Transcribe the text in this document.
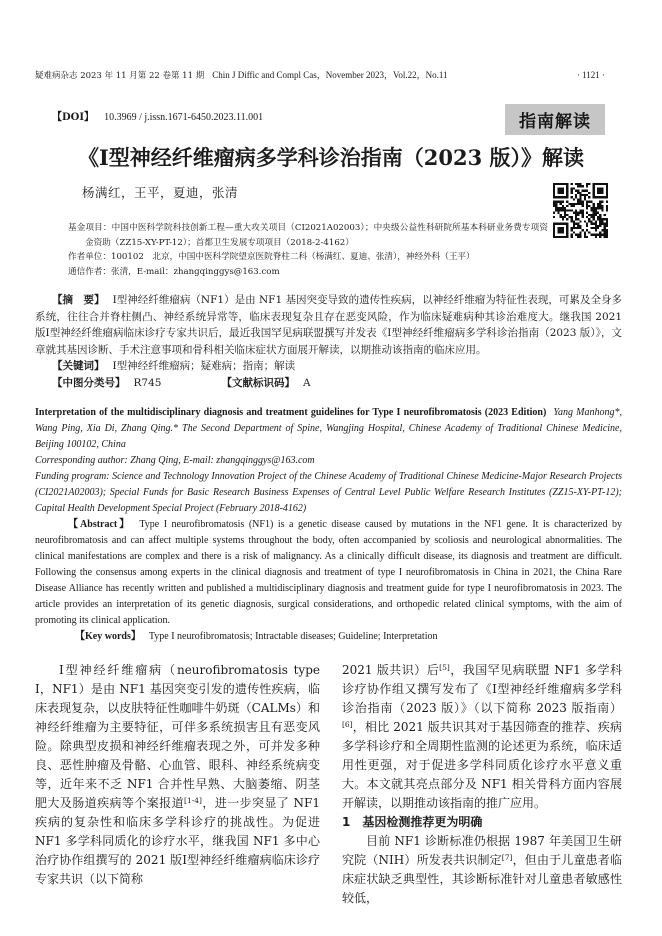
疑难病杂志 2023 年 11 月第 22 卷第 11 期 Chin J Diffic and Compl Cas，November 2023，Vol.22，No.11	· 1121 ·
【DOI】 10.3969 / j.issn.1671-6450.2023.11.001	指南解读
《Ⅰ型神经纤维瘤病多学科诊治指南（2023 版）》解读
杨满红，王平，夏迪，张清
基金项目：中国中医科学院科技创新工程—重大攻关项目（CI2021A02003）；中央级公益性科研院所基本科研业务费专项资金资助（ZZ15-XY-PT-12）；首都卫生发展专项项目（2018-2-4162）
作者单位：100102　北京，中国中医科学院望京医院脊柱二科（杨满红、夏迪、张清），神经外科（王平）
通信作者：张清，E-mail：zhangqinggys@163.com

【摘　要】 Ⅰ型神经纤维瘤病（NF1）是由 NF1 基因突变导致的遗传性疾病，以神经纤维瘤为特征性表现，可累及全身多系统，往往合并脊柱侧凸、神经系统异常等，临床表现复杂且存在恶变风险，作为临床疑难病种其诊治难度大。继我国 2021 版Ⅰ型神经纤维瘤病临床诊疗专家共识后，最近我国罕见病联盟撰写并发表《Ⅰ型神经纤维瘤病多学科诊治指南（2023 版）》，文章就其基因诊断、手术注意事项和骨科相关临床症状方面展开解读，以期推动该指南的临床应用。

【关键词】 Ⅰ型神经纤维瘤病；疑难病；指南；解读

【中图分类号】 R745	【文献标识码】 A

Interpretation of the multidisciplinary diagnosis and treatment guidelines for Type I neurofibromatosis (2023 Edition) Yang Manhong*, Wang Ping, Xia Di, Zhang Qing.* The Second Department of Spine, Wangjing Hospital, Chinese Academy of Traditional Chinese Medicine, Beijing 100102, China

Corresponding author: Zhang Qing, E-mail: zhangqinggys@163.com

Funding program: Science and Technology Innovation Project of the Chinese Academy of Traditional Chinese Medicine-Major Research Projects (CI2021A02003); Special Funds for Basic Research Business Expenses of Central Level Public Welfare Research Institutes (ZZ15-XY-PT-12); Capital Health Development Special Project (February 2018-4162)

【Abstract】 Type I neurofibromatosis (NF1) is a genetic disease caused by mutations in the NF1 gene. It is characterized by neurofibromatosis and can affect multiple systems throughout the body, often accompanied by scoliosis and neurological abnormalities. The clinical manifestations are complex and there is a risk of malignancy. As a clinically difficult disease, its diagnosis and treatment are difficult. Following the consensus among experts in the clinical diagnosis and treatment of type I neurofibromatosis in China in 2021, the China Rare Disease Alliance has recently written and published a multidisciplinary diagnosis and treatment guide for type I neurofibromatosis in 2023. The article provides an interpretation of its genetic diagnosis, surgical considerations, and orthopedic related clinical symptoms, with the aim of promoting its clinical application.

【Key words】 Type I neurofibromatosis; Intractable diseases; Guideline; Interpretation

Ⅰ型神经纤维瘤病（neurofibromatosis type Ⅰ，NF1）是由 NF1 基因突变引发的遗传性疾病，临床表现复杂，以皮肤特征性咖啡牛奶斑（CALMs）和神经纤维瘤为主要特征，可伴多系统损害且有恶变风险。除典型皮损和神经纤维瘤表现之外，可并发多种良、恶性肿瘤及骨骼、心血管、眼科、神经系统病变等，近年来不乏 NF1 合并性早熟、大脑萎缩、阴茎肥大及肠道疾病等个案报道[1-4]，进一步突显了 NF1 疾病的复杂性和临床多学科诊疗的挑战性。为促进 NF1 多学科同质化的诊疗水平，继我国 NF1 多中心治疗协作组撰写的 2021 版Ⅰ型神经纤维瘤病临床诊疗专家共识（以下简称

2021 版共识）后[5]，我国罕见病联盟 NF1 多学科诊疗协作组又撰写发布了《Ⅰ型神经纤维瘤病多学科诊治指南（2023 版）》（以下简称 2023 版指南）[6]，相比 2021 版共识其对于基因筛查的推荐、疾病多学科诊疗和全周期性监测的论述更为系统，临床适用性更强，对于促进多学科同质化诊疗水平意义重大。本文就其亮点部分及 NF1 相关骨科方面内容展开解读，以期推动该指南的推广应用。

1　基因检测推荐更为明确

目前 NF1 诊断标准仍根据 1987 年美国卫生研究院（NIH）所发表共识制定[7]，但由于儿童患者临床症状缺乏典型性，其诊断标准针对儿童患者敏感性较低，
